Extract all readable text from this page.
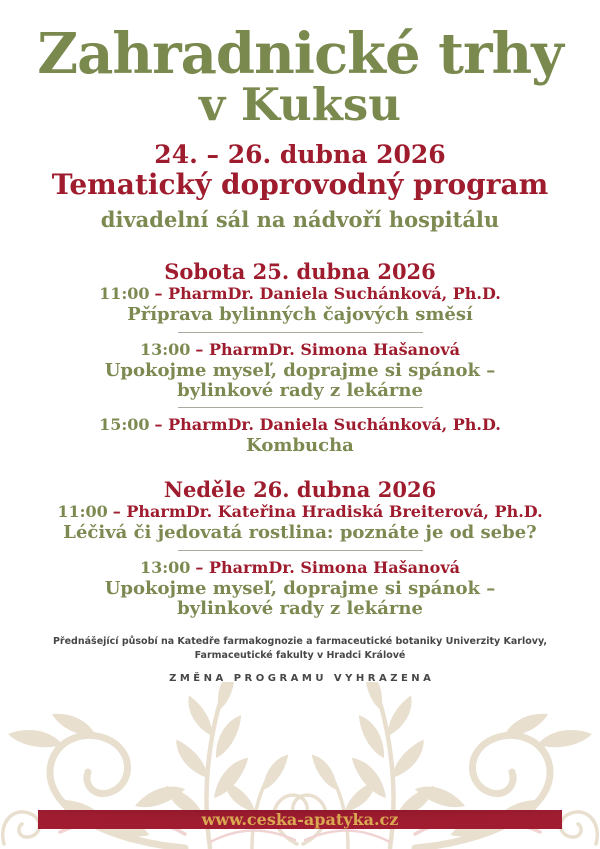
Zahradnické trhy
v Kuksu
24. – 26. dubna 2026
Tematický doprovodný program
divadelní sál na nádvoří hospitálu
Sobota 25. dubna 2026
11:00 – PharmDr. Daniela Suchánková, Ph.D.
Příprava bylinných čajových směsí
13:00 – PharmDr. Simona Hašanová
Upokojme myseľ, doprajme si spánok –
bylinkové rady z lekárne
15:00 – PharmDr. Daniela Suchánková, Ph.D.
Kombucha
Neděle 26. dubna 2026
11:00 – PharmDr. Kateřina Hradiská Breiterová, Ph.D.
Léčivá či jedovatá rostlina: poznáte je od sebe?
13:00 – PharmDr. Simona Hašanová
Upokojme myseľ, doprajme si spánok –
bylinkové rady z lekárne
Přednášející působí na Katedře farmakognozie a farmaceutické botaniky Univerzity Karlovy,
Farmaceutické fakulty v Hradci Králové
ZMĚNA PROGRAMU VYHRAZENA
www.ceska-apatyka.cz
